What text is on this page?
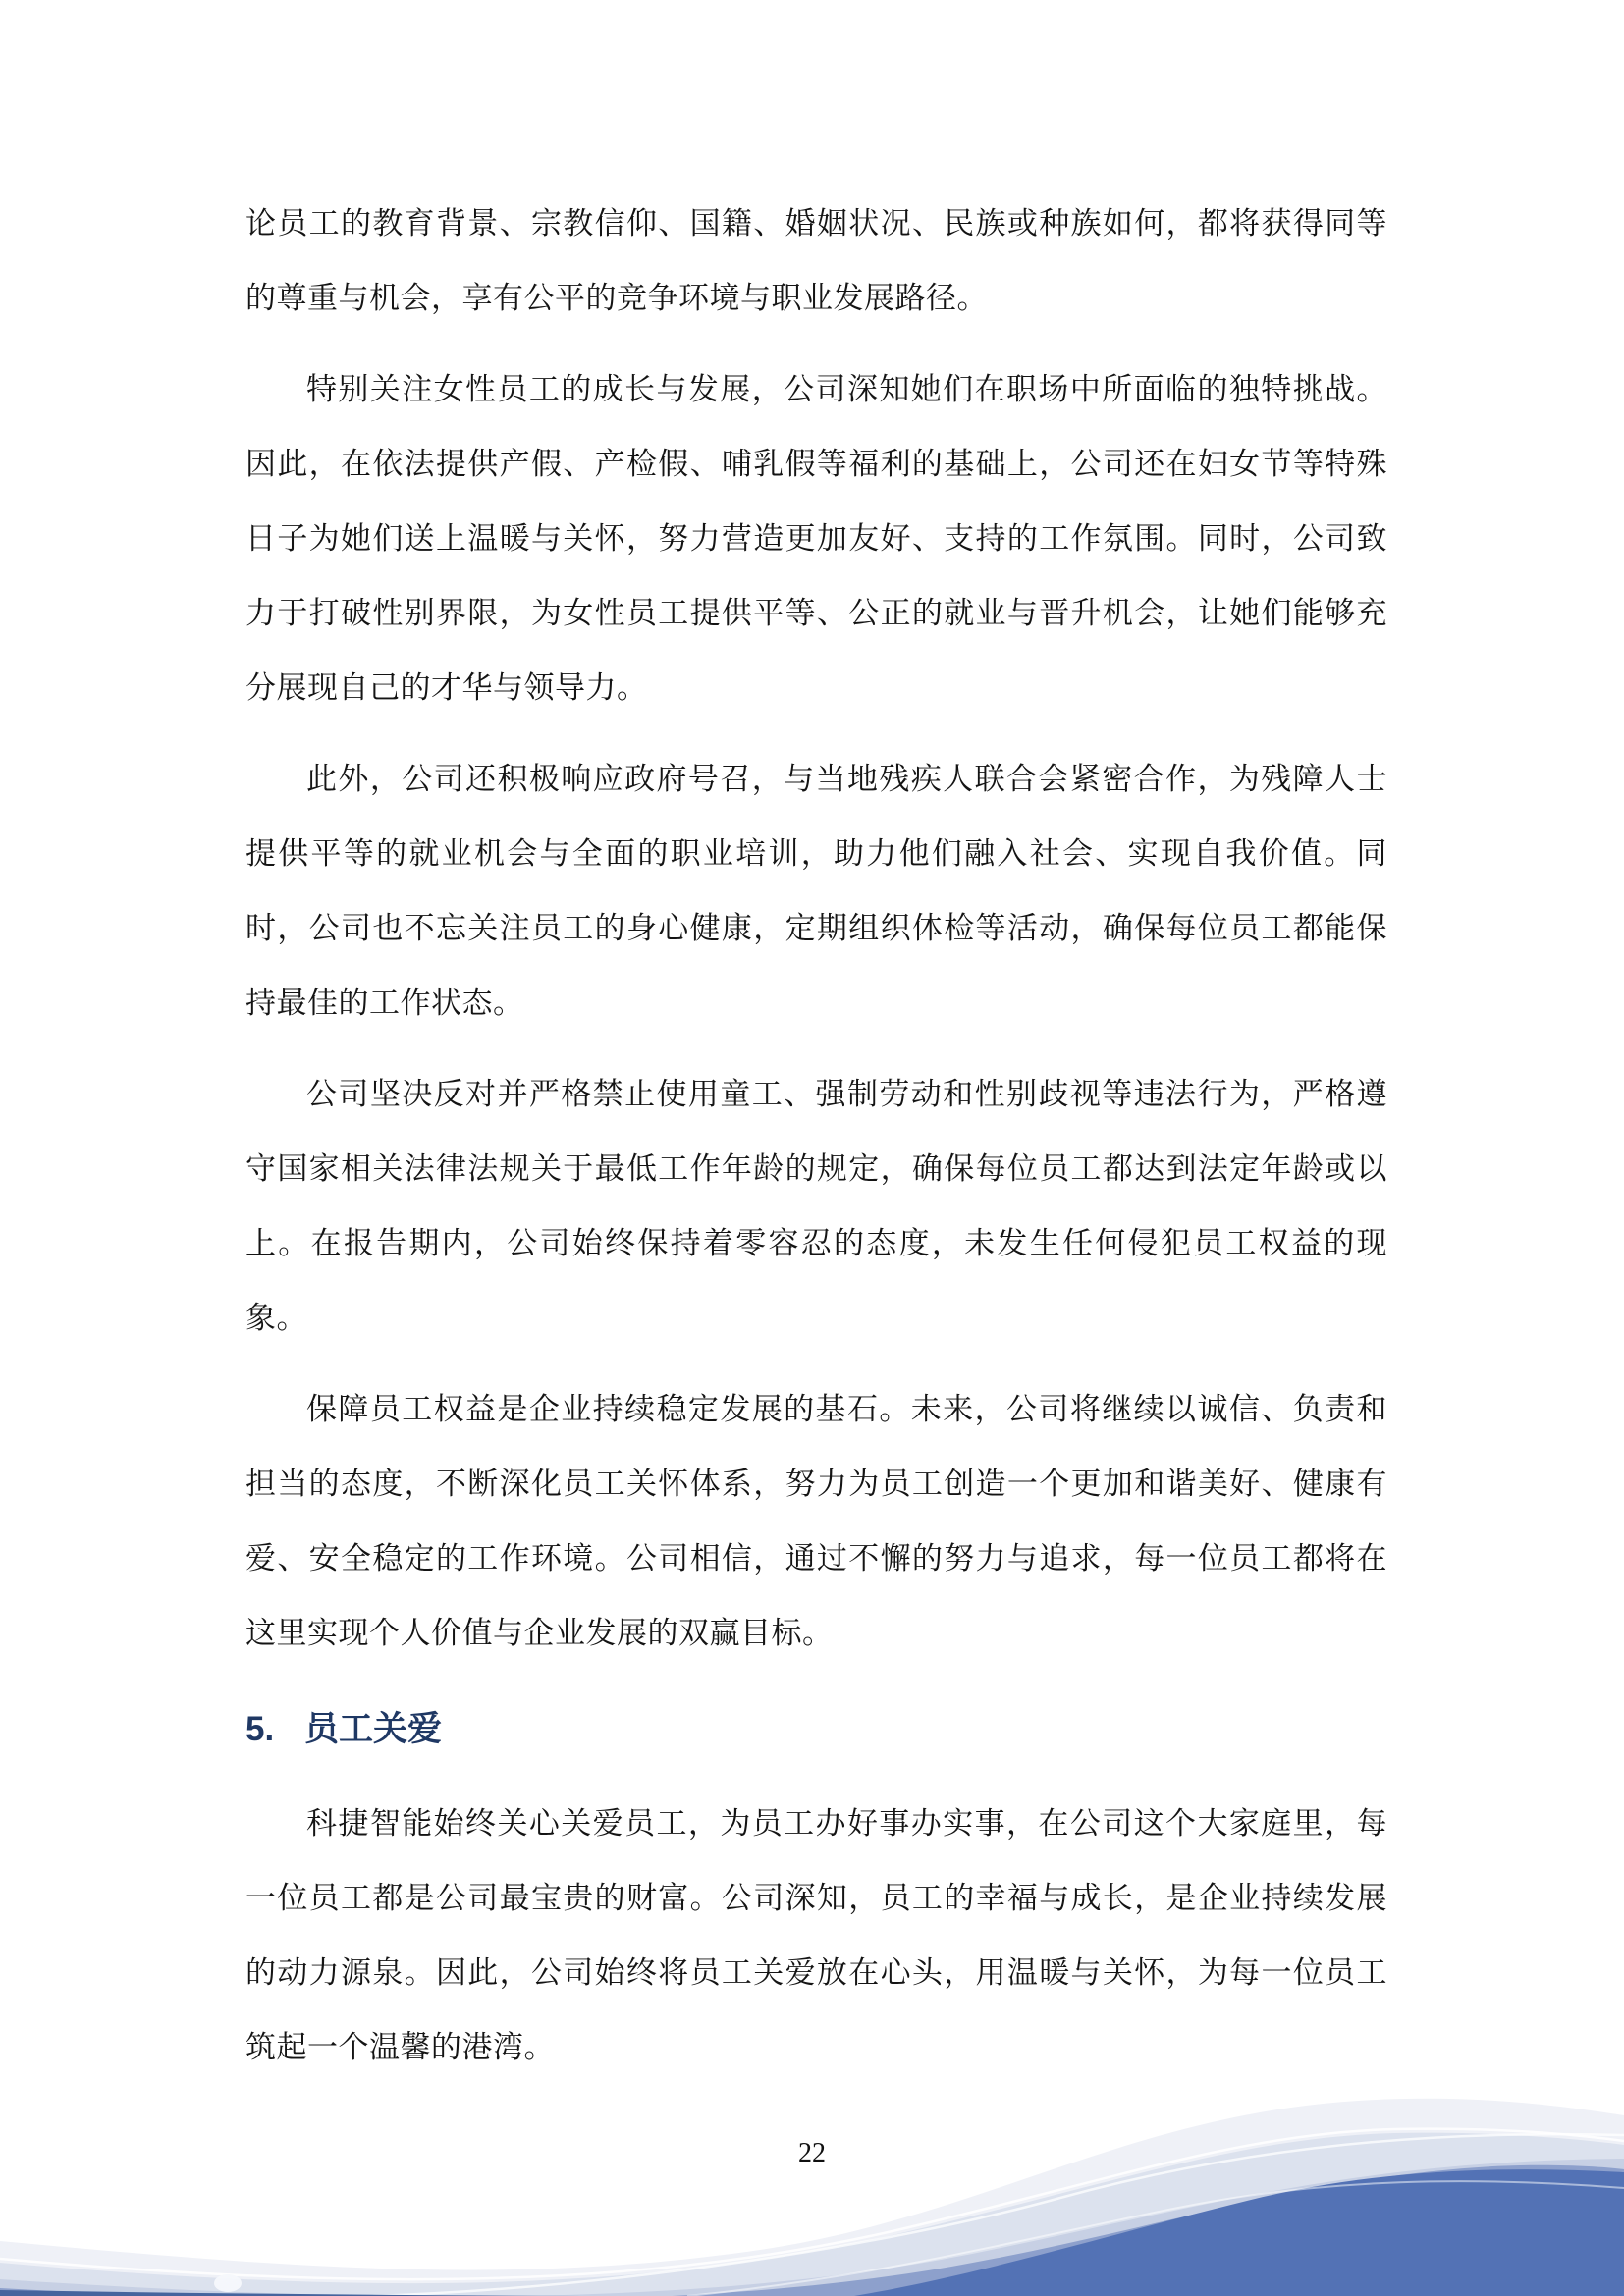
论员工的教育背景、宗教信仰、国籍、婚姻状况、民族或种族如何，都将获得同等的尊重与机会，享有公平的竞争环境与职业发展路径。

特别关注女性员工的成长与发展，公司深知她们在职场中所面临的独特挑战。因此，在依法提供产假、产检假、哺乳假等福利的基础上，公司还在妇女节等特殊日子为她们送上温暖与关怀，努力营造更加友好、支持的工作氛围。同时，公司致力于打破性别界限，为女性员工提供平等、公正的就业与晋升机会，让她们能够充分展现自己的才华与领导力。

此外，公司还积极响应政府号召，与当地残疾人联合会紧密合作，为残障人士提供平等的就业机会与全面的职业培训，助力他们融入社会、实现自我价值。同时，公司也不忘关注员工的身心健康，定期组织体检等活动，确保每位员工都能保持最佳的工作状态。

公司坚决反对并严格禁止使用童工、强制劳动和性别歧视等违法行为，严格遵守国家相关法律法规关于最低工作年龄的规定，确保每位员工都达到法定年龄或以上。在报告期内，公司始终保持着零容忍的态度，未发生任何侵犯员工权益的现象。

保障员工权益是企业持续稳定发展的基石。未来，公司将继续以诚信、负责和担当的态度，不断深化员工关怀体系，努力为员工创造一个更加和谐美好、健康有爱、安全稳定的工作环境。公司相信，通过不懈的努力与追求，每一位员工都将在这里实现个人价值与企业发展的双赢目标。

5. 员工关爱

科捷智能始终关心关爱员工，为员工办好事办实事，在公司这个大家庭里，每一位员工都是公司最宝贵的财富。公司深知，员工的幸福与成长，是企业持续发展的动力源泉。因此，公司始终将员工关爱放在心头，用温暖与关怀，为每一位员工筑起一个温馨的港湾。

22
